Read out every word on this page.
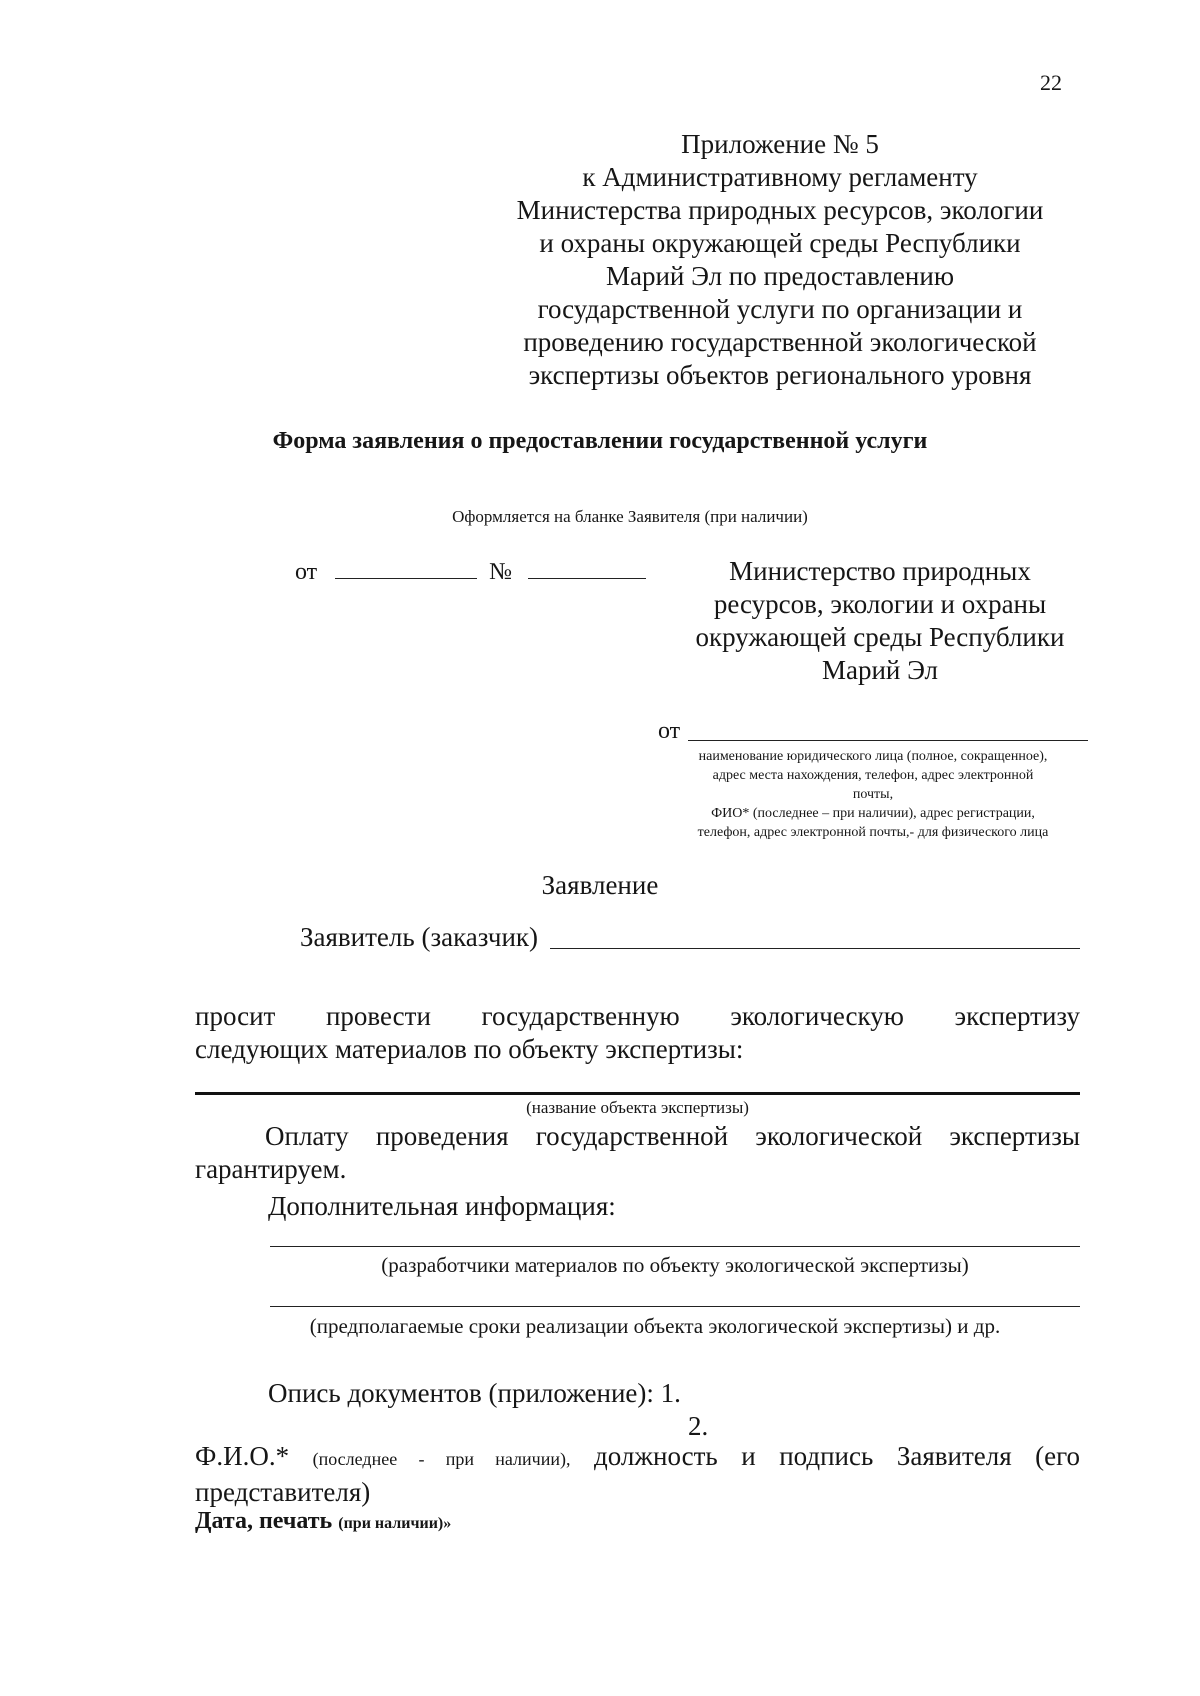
22
Приложение № 5
к Административному регламенту
Министерства природных ресурсов, экологии
и охраны окружающей среды Республики
Марий Эл по предоставлению
государственной услуги по организации и
проведению государственной экологической
экспертизы объектов регионального уровня
Форма заявления о предоставлении государственной услуги
Оформляется на бланке Заявителя (при наличии)
от	№	Министерство природных
ресурсов, экологии и охраны
окружающей среды Республики
Марий Эл
от
наименование юридического лица (полное, сокращенное),
адрес места нахождения, телефон, адрес электронной
почты,
ФИО* (последнее – при наличии), адрес регистрации,
телефон, адрес электронной почты,- для физического лица
Заявление
Заявитель (заказчик)
просит провести государственную экологическую экспертизу
следующих материалов по объекту экспертизы:
(название объекта экспертизы)
Оплату проведения государственной экологической экспертизы
гарантируем.
Дополнительная информация:
(разработчики материалов по объекту экологической экспертизы)
(предполагаемые сроки реализации объекта экологической экспертизы) и др.
Опись документов (приложение): 1.
2.
Ф.И.О.* (последнее - при наличии), должность и подпись Заявителя (его
представителя)
Дата, печать (при наличии)»
